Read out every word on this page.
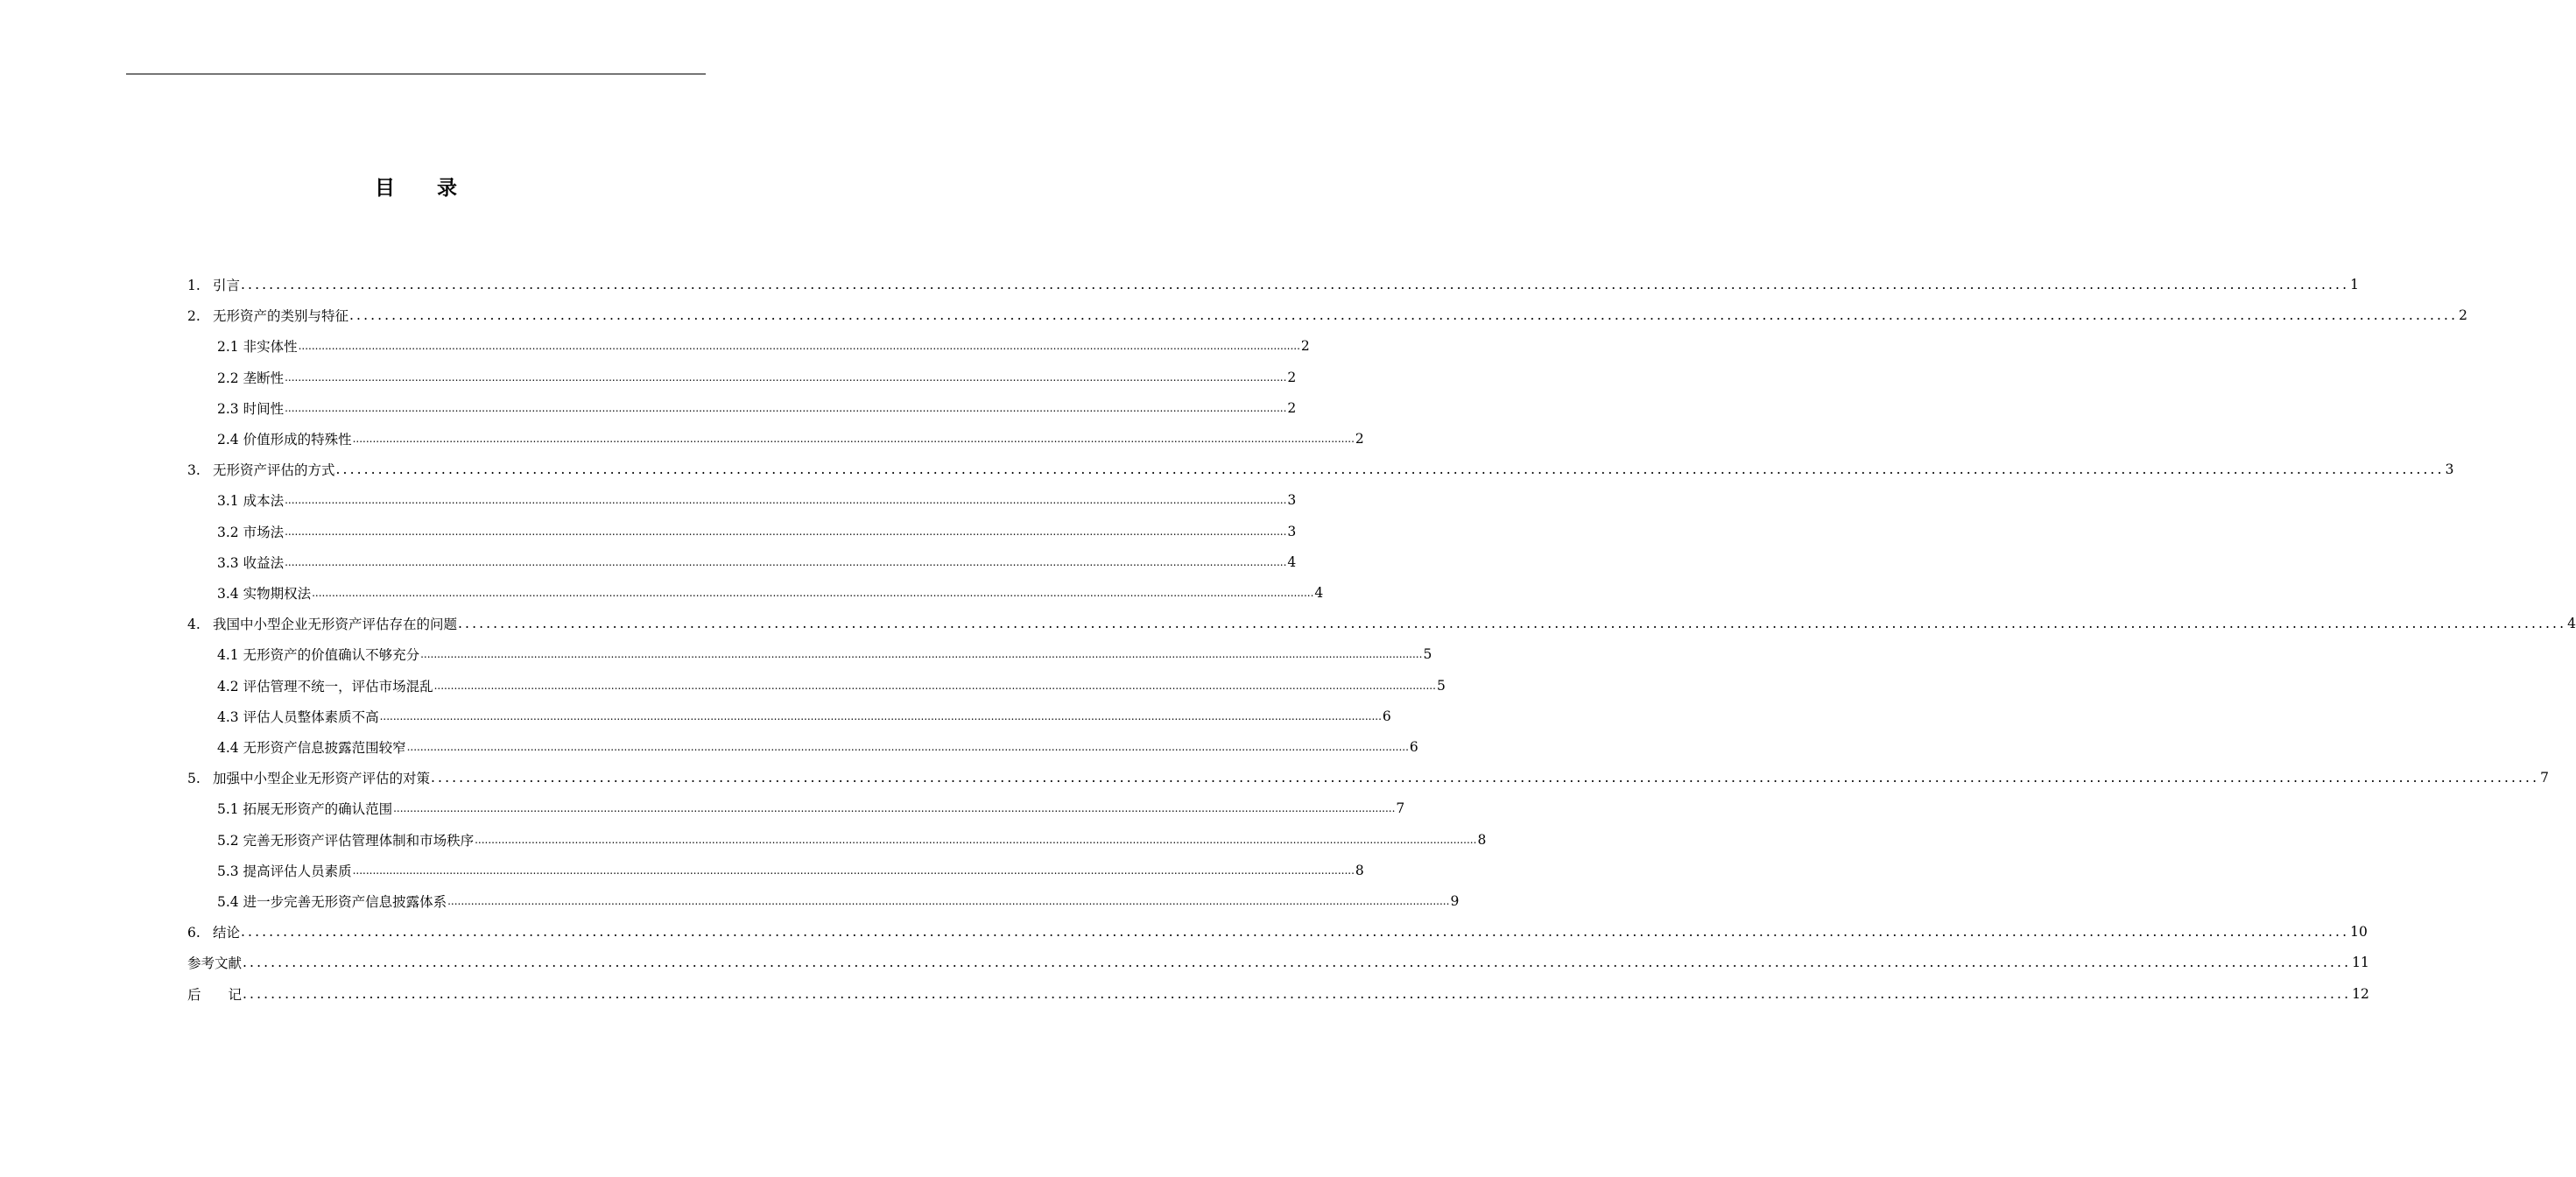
目录
1. 引言 ............................................................................................................................................................................................................................................................................................................ 1
2. 无形资产的类别与特征 ............................................................................................................................................................................................................................................................................................................ 2
2.1 非实体性 ............................................................................................................................................................................................................................................................................................................ 2
2.2 垄断性 ............................................................................................................................................................................................................................................................................................................ 2
2.3 时间性 ............................................................................................................................................................................................................................................................................................................ 2
2.4 价值形成的特殊性 ............................................................................................................................................................................................................................................................................................................ 2
3. 无形资产评估的方式 ............................................................................................................................................................................................................................................................................................................ 3
3.1 成本法 ............................................................................................................................................................................................................................................................................................................ 3
3.2 市场法 ............................................................................................................................................................................................................................................................................................................ 3
3.3 收益法 ............................................................................................................................................................................................................................................................................................................ 4
3.4 实物期权法 ............................................................................................................................................................................................................................................................................................................ 4
4. 我国中小型企业无形资产评估存在的问题 ............................................................................................................................................................................................................................................................................................................ 4
4.1 无形资产的价值确认不够充分 ............................................................................................................................................................................................................................................................................................................ 5
4.2 评估管理不统一，评估市场混乱 ............................................................................................................................................................................................................................................................................................................ 5
4.3 评估人员整体素质不高 ............................................................................................................................................................................................................................................................................................................ 6
4.4 无形资产信息披露范围较窄 ............................................................................................................................................................................................................................................................................................................ 6
5. 加强中小型企业无形资产评估的对策 ............................................................................................................................................................................................................................................................................................................ 7
5.1 拓展无形资产的确认范围 ............................................................................................................................................................................................................................................................................................................ 7
5.2 完善无形资产评估管理体制和市场秩序 ............................................................................................................................................................................................................................................................................................................ 8
5.3 提高评估人员素质 ............................................................................................................................................................................................................................................................................................................ 8
5.4 进一步完善无形资产信息披露体系 ............................................................................................................................................................................................................................................................................................................ 9
6. 结论 ............................................................................................................................................................................................................................................................................................................ 10
参考文献 ............................................................................................................................................................................................................................................................................................................ 11
后　　记 ............................................................................................................................................................................................................................................................................................................ 12
